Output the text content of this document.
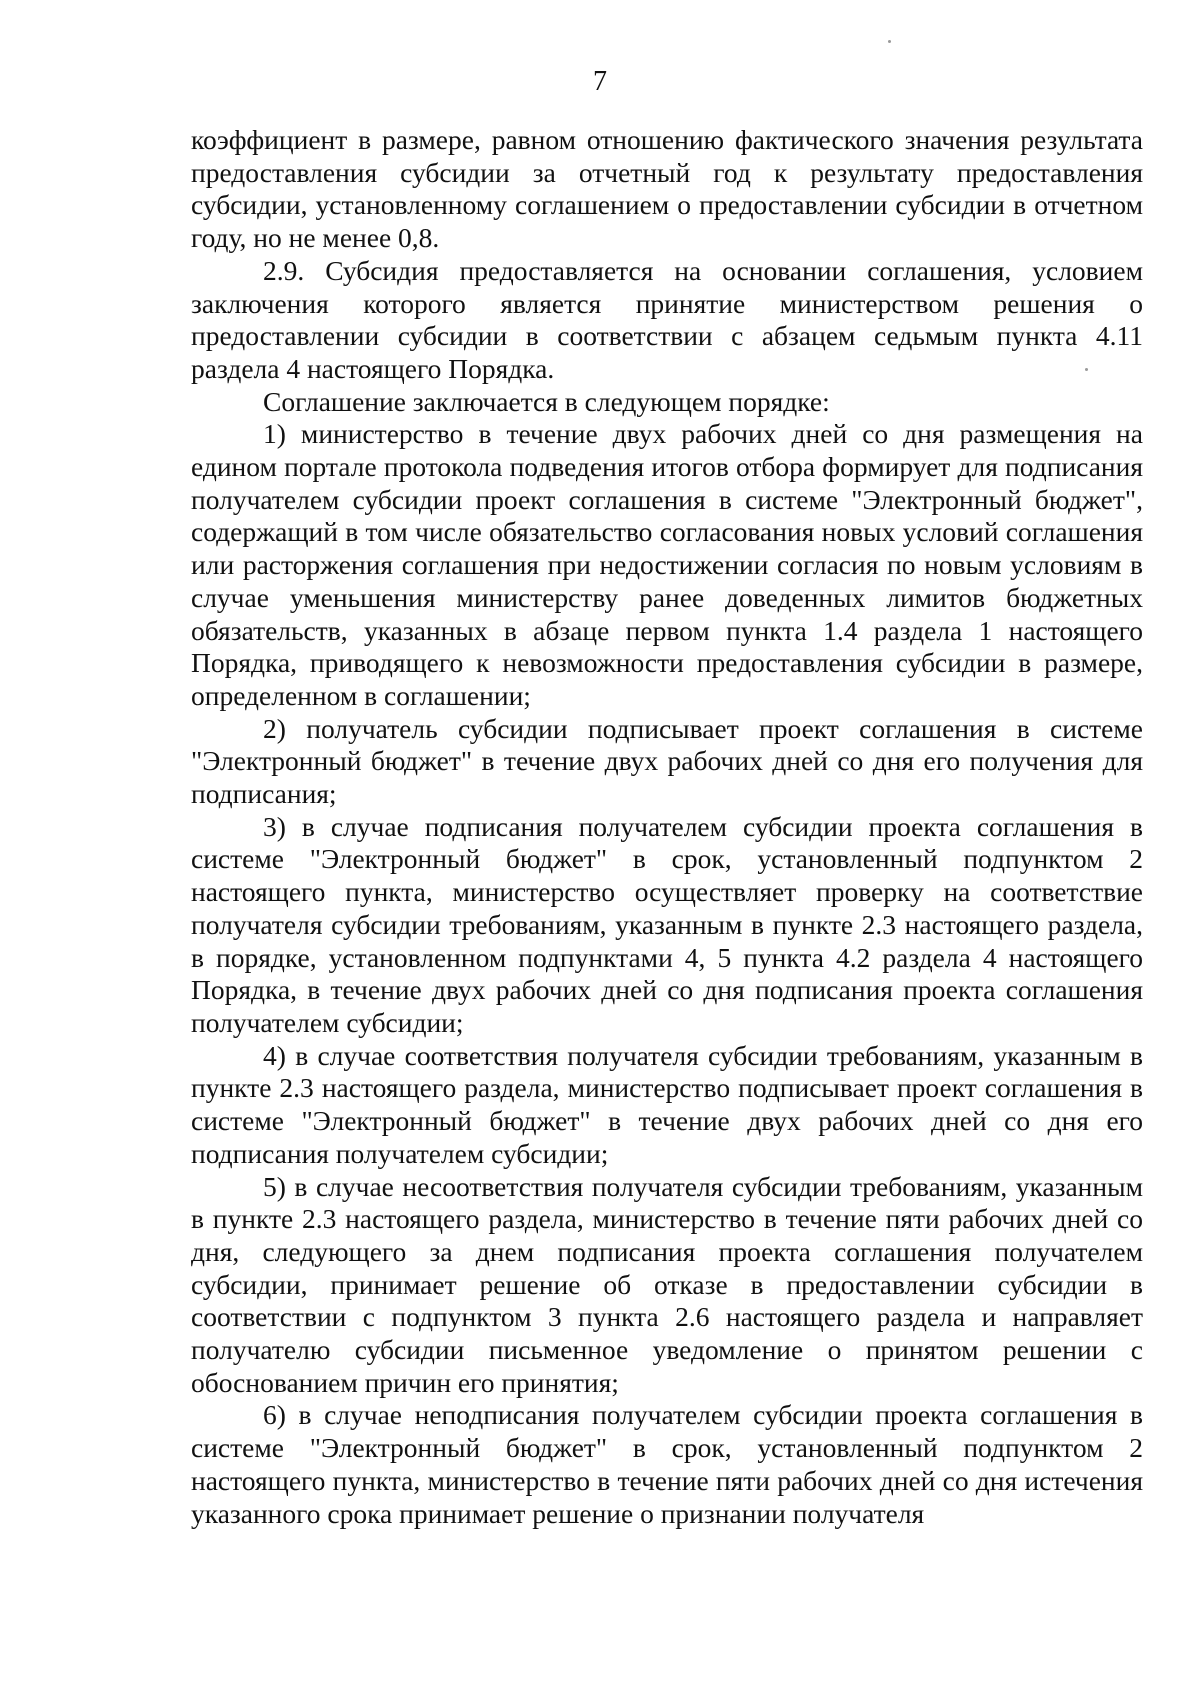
7

коэффициент в размере, равном отношению фактического значения результата предоставления субсидии за отчетный год к результату предоставления субсидии, установленному соглашением о предоставлении субсидии в отчетном году, но не менее 0,8.

2.9. Субсидия предоставляется на основании соглашения, условием заключения которого является принятие министерством решения о предоставлении субсидии в соответствии с абзацем седьмым пункта 4.11 раздела 4 настоящего Порядка.

Соглашение заключается в следующем порядке:

1) министерство в течение двух рабочих дней со дня размещения на едином портале протокола подведения итогов отбора формирует для подписания получателем субсидии проект соглашения в системе "Электронный бюджет", содержащий в том числе обязательство согласования новых условий соглашения или расторжения соглашения при недостижении согласия по новым условиям в случае уменьшения министерству ранее доведенных лимитов бюджетных обязательств, указанных в абзаце первом пункта 1.4 раздела 1 настоящего Порядка, приводящего к невозможности предоставления субсидии в размере, определенном в соглашении;

2) получатель субсидии подписывает проект соглашения в системе "Электронный бюджет" в течение двух рабочих дней со дня его получения для подписания;

3) в случае подписания получателем субсидии проекта соглашения в системе "Электронный бюджет" в срок, установленный подпунктом 2 настоящего пункта, министерство осуществляет проверку на соответствие получателя субсидии требованиям, указанным в пункте 2.3 настоящего раздела, в порядке, установленном подпунктами 4, 5 пункта 4.2 раздела 4 настоящего Порядка, в течение двух рабочих дней со дня подписания проекта соглашения получателем субсидии;

4) в случае соответствия получателя субсидии требованиям, указанным в пункте 2.3 настоящего раздела, министерство подписывает проект соглашения в системе "Электронный бюджет" в течение двух рабочих дней со дня его подписания получателем субсидии;

5) в случае несоответствия получателя субсидии требованиям, указанным в пункте 2.3 настоящего раздела, министерство в течение пяти рабочих дней со дня, следующего за днем подписания проекта соглашения получателем субсидии, принимает решение об отказе в предоставлении субсидии в соответствии с подпунктом 3 пункта 2.6 настоящего раздела и направляет получателю субсидии письменное уведомление о принятом решении с обоснованием причин его принятия;

6) в случае неподписания получателем субсидии проекта соглашения в системе "Электронный бюджет" в срок, установленный подпунктом 2 настоящего пункта, министерство в течение пяти рабочих дней со дня истечения указанного срока принимает решение о признании получателя
